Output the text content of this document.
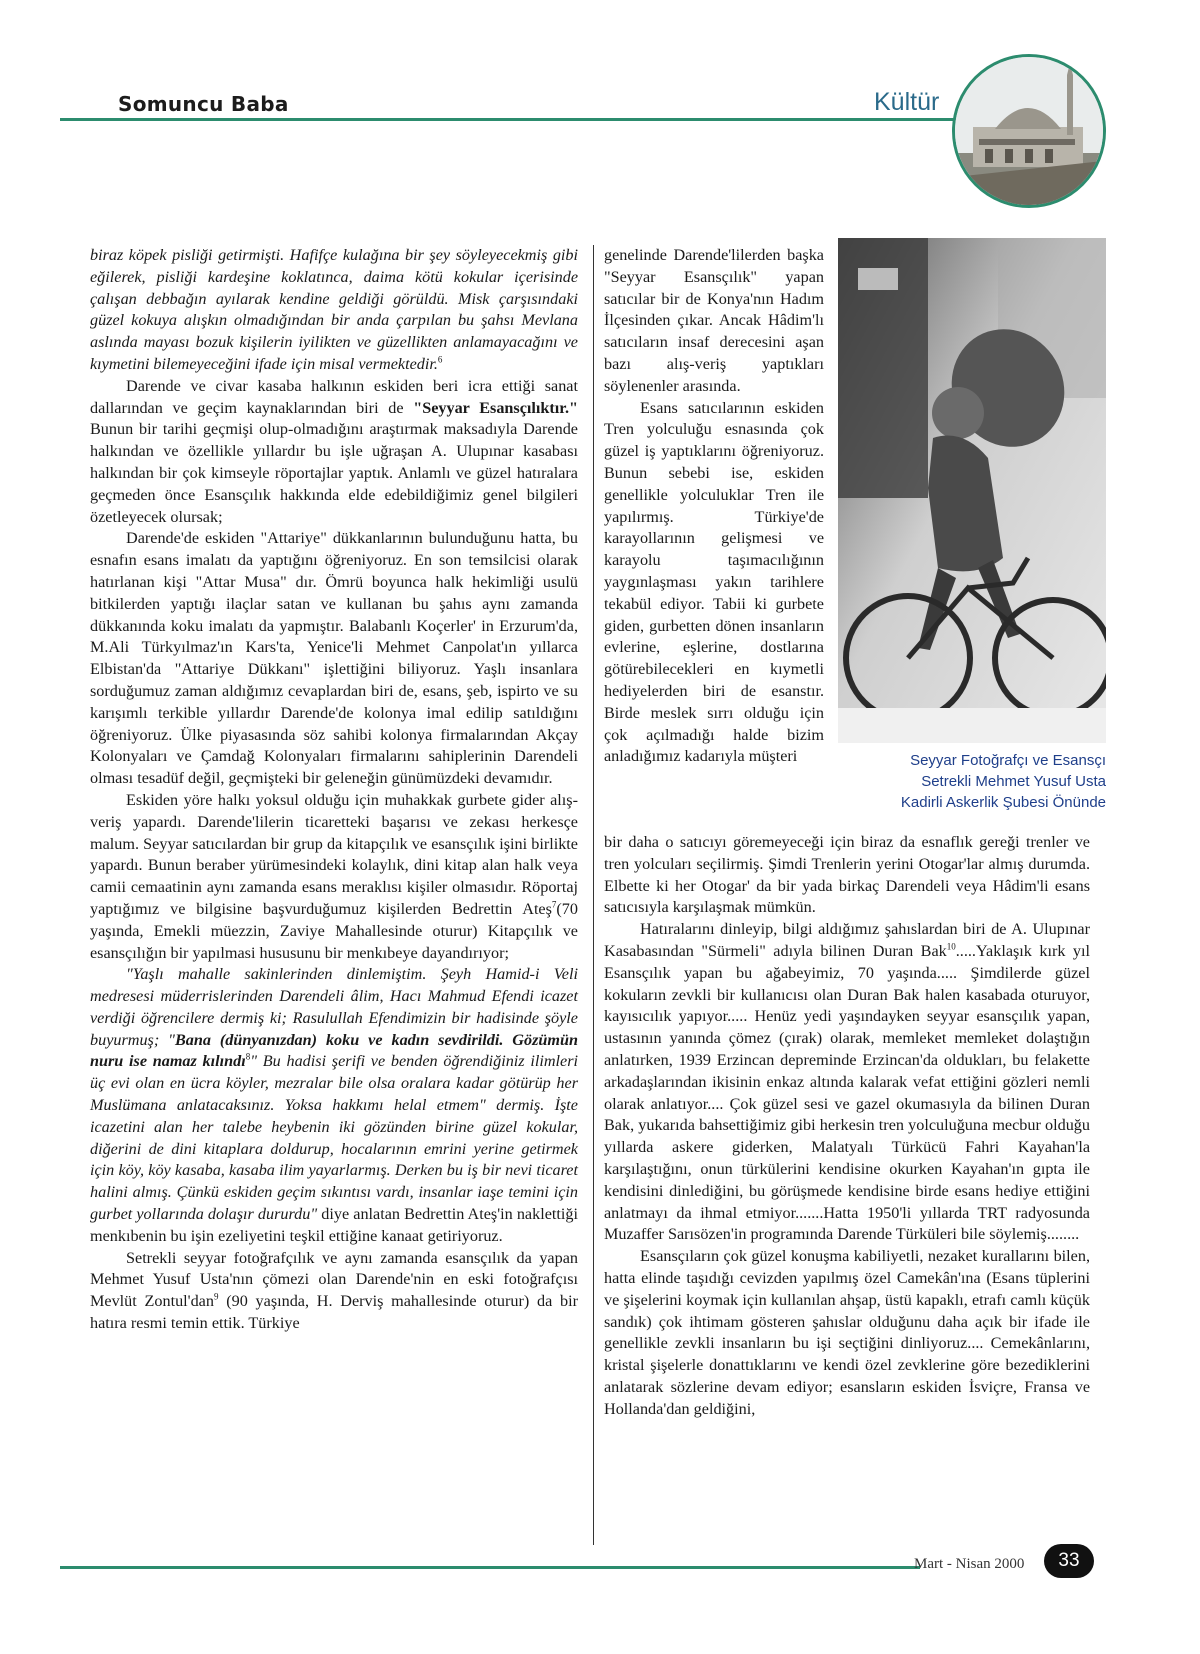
Somuncu Baba	Kültür

biraz köpek pisliği getirmişti. Hafifçe kulağına bir şey söyleyecekmiş gibi eğilerek, pisliği kardeşine koklatınca, daima kötü kokular içerisinde çalışan debbağın ayılarak kendine geldiği görüldü. Misk çarşısındaki güzel kokuya alışkın olmadığından bir anda çarpılan bu şahsı Mevlana aslında mayası bozuk kişilerin iyilikten ve güzellikten anlamayacağını ve kıymetini bilemeyeceğini ifade için misal vermektedir.$^6$

Darende ve civar kasaba halkının eskiden beri icra ettiği sanat dallarından ve geçim kaynaklarından biri de "Seyyar Esansçılıktır." Bunun bir tarihi geçmişi olup-olmadığını araştırmak maksadıyla Darende halkından ve özellikle yıllardır bu işle uğraşan A. Ulupınar kasabası halkından bir çok kimseyle röportajlar yaptık. Anlamlı ve güzel hatıralara geçmeden önce Esansçılık hakkında elde edebildiğimiz genel bilgileri özetleyecek olursak;

Darende'de eskiden "Attariye" dükkanlarının bulunduğunu hatta, bu esnafın esans imalatı da yaptığını öğreniyoruz. En son temsilcisi olarak hatırlanan kişi "Attar Musa" dır. Ömrü boyunca halk hekimliği usulü bitkilerden yaptığı ilaçlar satan ve kullanan bu şahıs aynı zamanda dükkanında koku imalatı da yapmıştır. Balabanlı Koçerler' in Erzurum'da, M.Ali Türkyılmaz'ın Kars'ta, Yenice'li Mehmet Canpolat'ın yıllarca Elbistan'da "Attariye Dükkanı" işlettiğini biliyoruz. Yaşlı insanlara sorduğumuz zaman aldığımız cevaplardan biri de, esans, şeb, ispirto ve su karışımlı terkible yıllardır Darende'de kolonya imal edilip satıldığını öğreniyoruz. Ülke piyasasında söz sahibi kolonya firmalarından Akçay Kolonyaları ve Çamdağ Kolonyaları firmalarını sahiplerinin Darendeli olması tesadüf değil, geçmişteki bir geleneğin günümüzdeki devamıdır.

Eskiden yöre halkı yoksul olduğu için muhakkak gurbete gider alış-veriş yapardı. Darende'lilerin ticaretteki başarısı ve zekası herkesçe malum. Seyyar satıcılardan bir grup da kitapçılık ve esansçılık işini birlikte yapardı. Bunun beraber yürümesindeki kolaylık, dini kitap alan halk veya camii cemaatinin aynı zamanda esans meraklısı kişiler olmasıdır. Röportaj yaptığımız ve bilgisine başvurduğumuz kişilerden Bedrettin Ateş$^7$(70 yaşında, Emekli müezzin, Zaviye Mahallesinde oturur) Kitapçılık ve esansçılığın bir yapılmasi hususunu bir menkıbeye dayandırıyor;

"Yaşlı mahalle sakinlerinden dinlemiştim. Şeyh Hamid-i Veli medresesi müderrislerinden Darendeli âlim, Hacı Mahmud Efendi icazet verdiği öğrencilere dermiş ki; Rasulullah Efendimizin bir hadisinde şöyle buyurmuş; "Bana (dünyanızdan) koku ve kadın sevdirildi. Gözümün nuru ise namaz kılındı$^8$" Bu hadisi şerifi ve benden öğrendiğiniz ilimleri üç evi olan en ücra köyler, mezralar bile olsa oralara kadar götürüp her Muslümana anlatacaksınız. Yoksa hakkımı helal etmem" dermiş. İşte icazetini alan her talebe heybenin iki gözünden birine güzel kokular, diğerini de dini kitaplara doldurup, hocalarının emrini yerine getirmek için köy, köy kasaba, kasaba ilim yayarlarmış. Derken bu iş bir nevi ticaret halini almış. Çünkü eskiden geçim sıkıntısı vardı, insanlar iaşe temini için gurbet yollarında dolaşır dururdu" diye anlatan Bedrettin Ateş'in naklettiği menkıbenin bu işin ezeliyetini teşkil ettiğine kanaat getiriyoruz.

Setrekli seyyar fotoğrafçılık ve aynı zamanda esansçılık da yapan Mehmet Yusuf Usta'nın çömezi olan Darende'nin en eski fotoğrafçısı Mevlüt Zontul'dan$^9$ (90 yaşında, H. Derviş mahallesinde oturur) da bir hatıra resmi temin ettik. Türkiye

genelinde Darende'lilerden başka "Seyyar Esansçılık" yapan satıcılar bir de Konya'nın Hadım İlçesinden çıkar. Ancak Hâdim'lı satıcıların insaf derecesini aşan bazı alış-veriş yaptıkları söylenenler arasında.

Esans satıcılarının eskiden Tren yolculuğu esnasında çok güzel iş yaptıklarını öğreniyoruz. Bunun sebebi ise, eskiden genellikle yolculuklar Tren ile yapılırmış. Türkiye'de karayollarının gelişmesi ve karayolu taşımacılığının yaygınlaşması yakın tarihlere tekabül ediyor. Tabii ki gurbete giden, gurbetten dönen insanların evlerine, eşlerine, dostlarına götürebilecekleri en kıymetli hediyelerden biri de esanstır. Birde meslek sırrı olduğu için çok açılmadığı halde bizim anladığımız kadarıyla müşteri	Seyyar Fotoğrafçı ve Esansçı
Setrekli Mehmet Yusuf Usta
Kadirli Askerlik Şubesi Önünde

bir daha o satıcıyı göremeyeceği için biraz da esnaflık gereği trenler ve tren yolcuları seçilirmiş. Şimdi Trenlerin yerini Otogar'lar almış durumda. Elbette ki her Otogar' da bir yada birkaç Darendeli veya Hâdim'li esans satıcısıyla karşılaşmak mümkün.

Hatıralarını dinleyip, bilgi aldığımız şahıslardan biri de A. Ulupınar Kasabasından "Sürmeli" adıyla bilinen Duran Bak$^{10}$.....Yaklaşık kırk yıl Esansçılık yapan bu ağabeyimiz, 70 yaşında..... Şimdilerde güzel kokuların zevkli bir kullanıcısı olan Duran Bak halen kasabada oturuyor, kayısıcılık yapıyor..... Henüz yedi yaşındayken seyyar esansçılık yapan, ustasının yanında çömez (çırak) olarak, memleket memleket dolaştığın anlatırken, 1939 Erzincan depreminde Erzincan'da oldukları, bu felakette arkadaşlarından ikisinin enkaz altında kalarak vefat ettiğini gözleri nemli olarak anlatıyor.... Çok güzel sesi ve gazel okumasıyla da bilinen Duran Bak, yukarıda bahsettiğimiz gibi herkesin tren yolculuğuna mecbur olduğu yıllarda askere giderken, Malatyalı Türkücü Fahri Kayahan'la karşılaştığını, onun türkülerini kendisine okurken Kayahan'ın gıpta ile kendisini dinlediğini, bu görüşmede kendisine birde esans hediye ettiğini anlatmayı da ihmal etmiyor.......Hatta 1950'li yıllarda TRT radyosunda Muzaffer Sarısözen'in programında Darende Türküleri bile söylemiş........

Esansçıların çok güzel konuşma kabiliyetli, nezaket kurallarını bilen, hatta elinde taşıdığı cevizden yapılmış özel Camekân'ına (Esans tüplerini ve şişelerini koymak için kullanılan ahşap, üstü kapaklı, etrafı camlı küçük sandık) çok ihtimam gösteren şahıslar olduğunu daha açık bir ifade ile genellikle zevkli insanların bu işi seçtiğini dinliyoruz.... Cemekânlarını, kristal şişelerle donattıklarını ve kendi özel zevklerine göre bezediklerini anlatarak sözlerine devam ediyor; esansların eskiden İsviçre, Fransa ve Hollanda'dan geldiğini,

Mart - Nisan 2000	33
